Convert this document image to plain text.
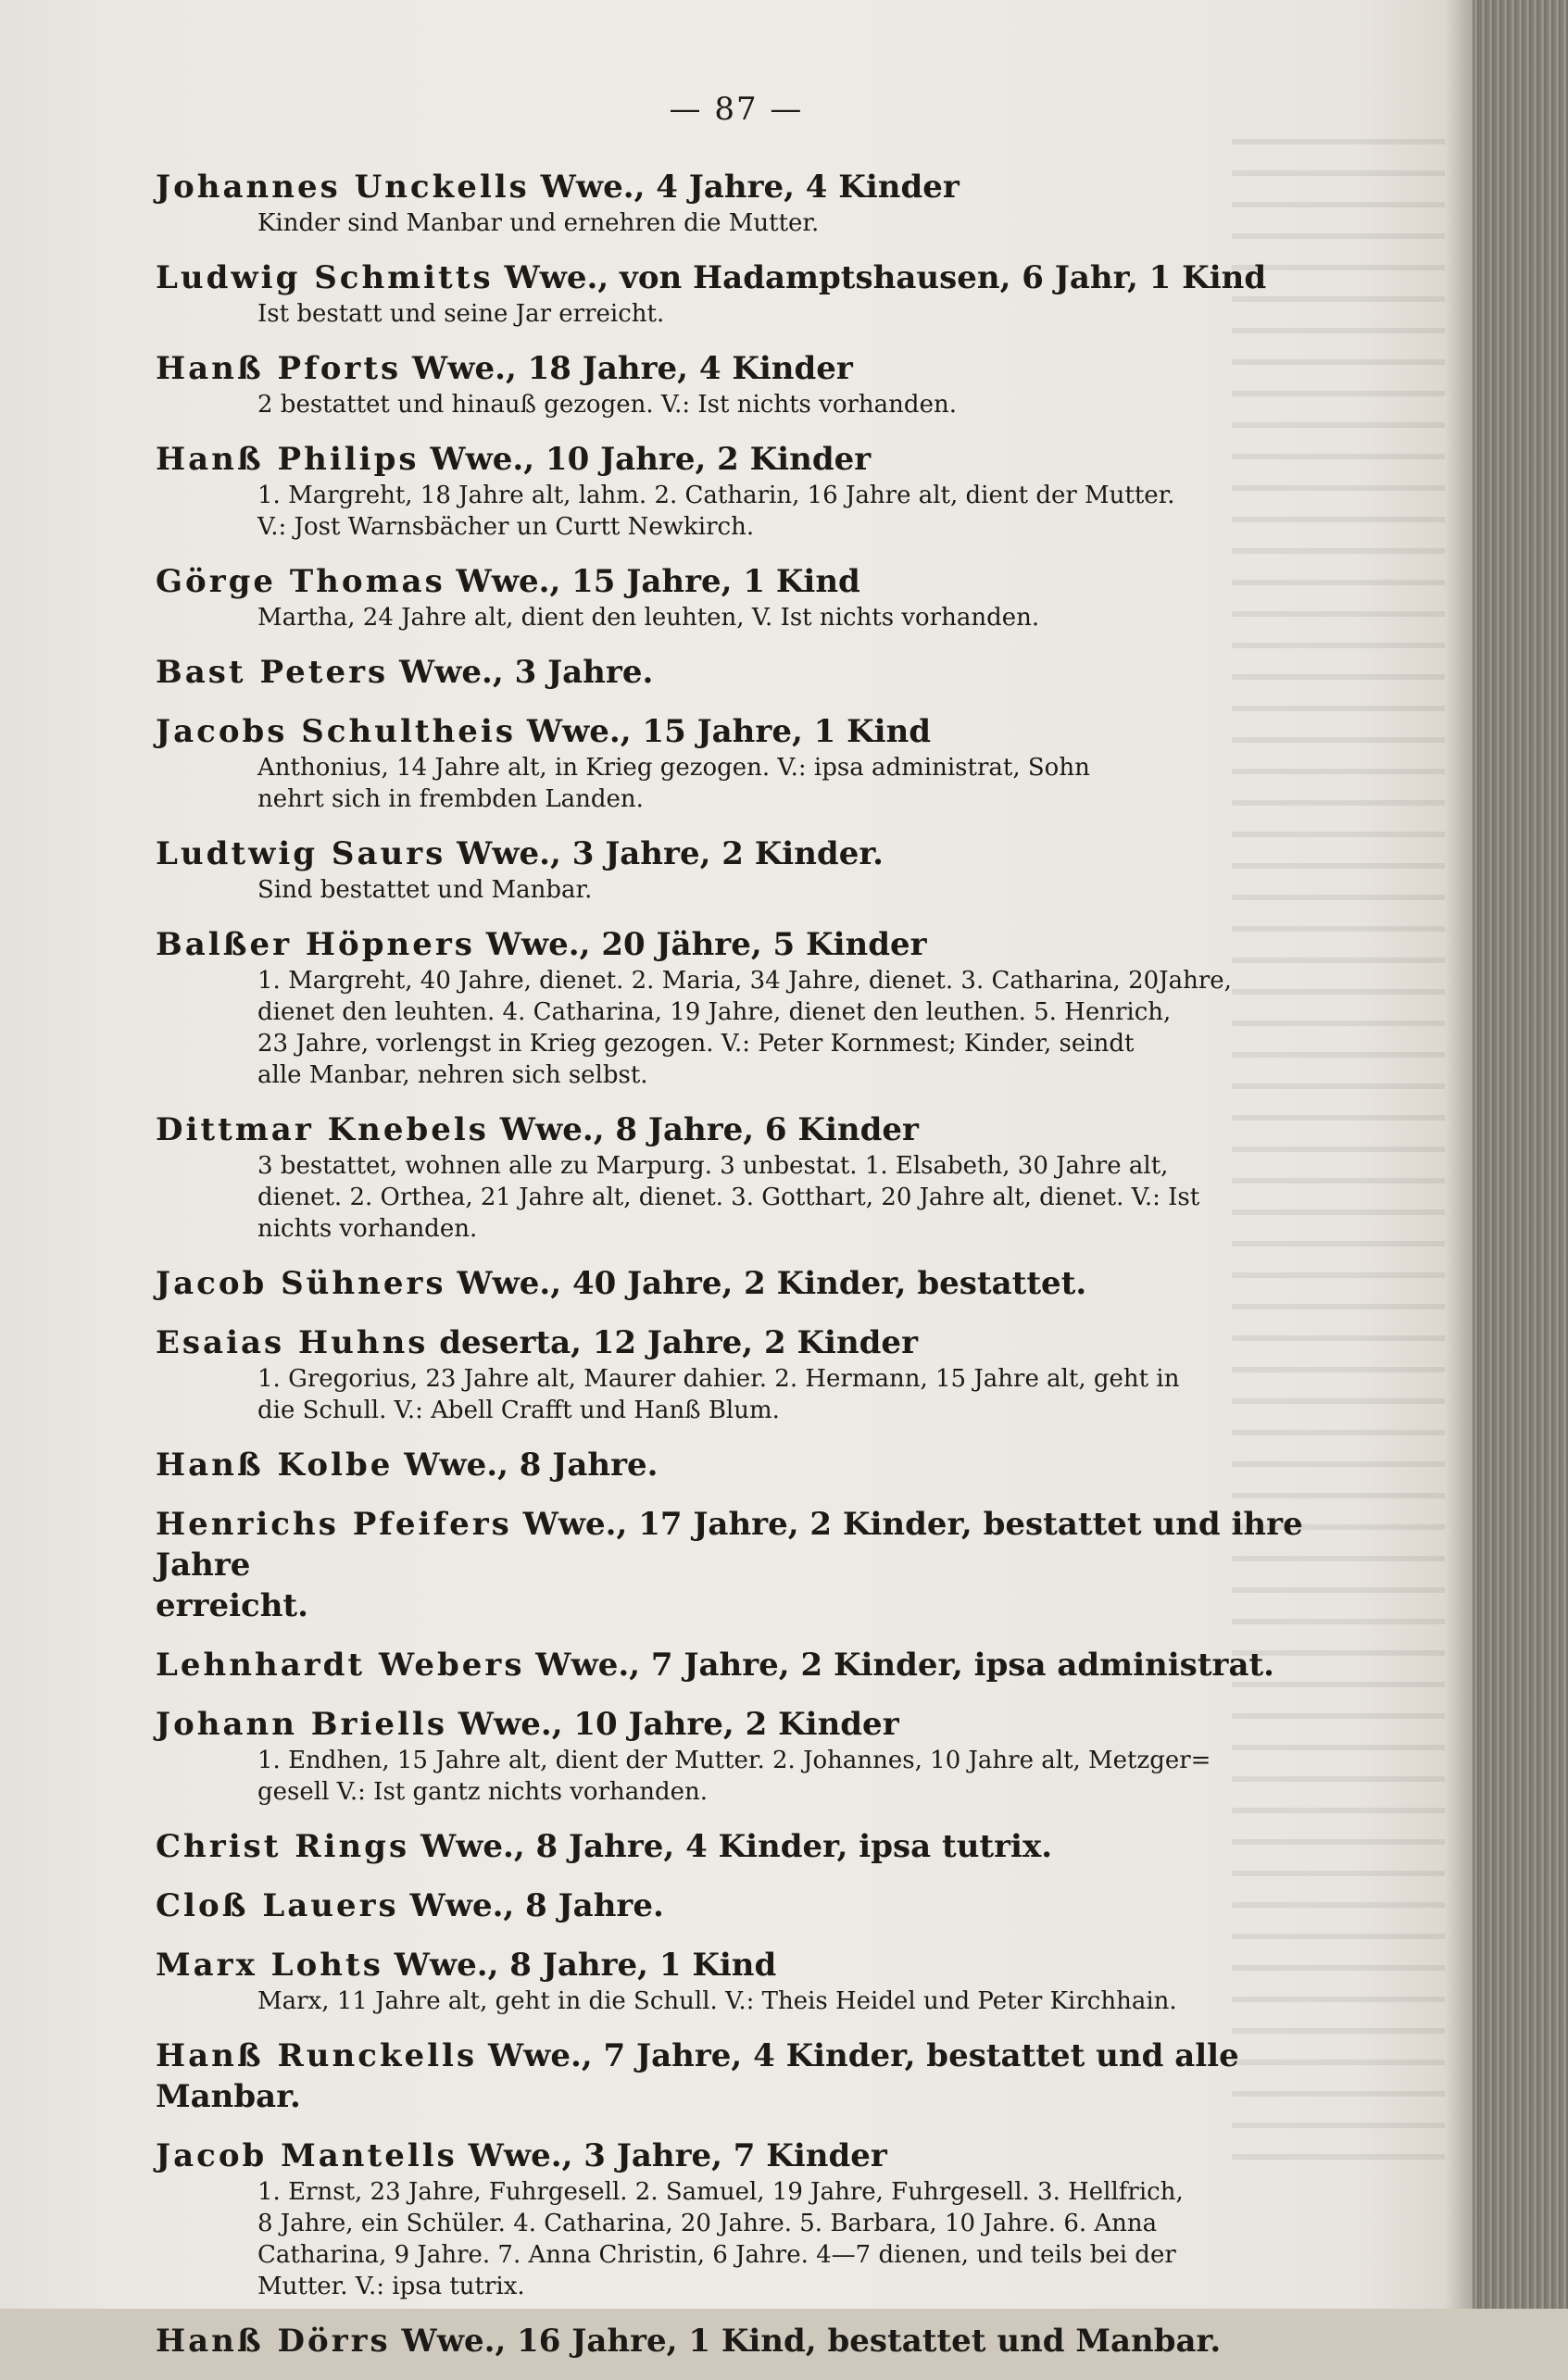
— 87 —
Johannes Unckells Wwe., 4 Jahre, 4 Kinder
Kinder sind Manbar und ernehren die Mutter.
Ludwig Schmitts Wwe., von Hadamptshausen, 6 Jahr, 1 Kind
Ist bestatt und seine Jar erreicht.
Hanß Pforts Wwe., 18 Jahre, 4 Kinder
2 bestattet und hinauß gezogen. V.: Ist nichts vorhanden.
Hanß Philips Wwe., 10 Jahre, 2 Kinder
1. Margreht, 18 Jahre alt, lahm. 2. Catharin, 16 Jahre alt, dient der Mutter.
V.: Jost Warnsbächer un Curtt Newkirch.
Görge Thomas Wwe., 15 Jahre, 1 Kind
Martha, 24 Jahre alt, dient den leuhten, V. Ist nichts vorhanden.
Bast Peters Wwe., 3 Jahre.
Jacobs Schultheis Wwe., 15 Jahre, 1 Kind
Anthonius, 14 Jahre alt, in Krieg gezogen. V.: ipsa administrat, Sohn
nehrt sich in frembden Landen.
Ludtwig Saurs Wwe., 3 Jahre, 2 Kinder.
Sind bestattet und Manbar.
Balßer Höpners Wwe., 20 Jähre, 5 Kinder
1. Margreht, 40 Jahre, dienet. 2. Maria, 34 Jahre, dienet. 3. Catharina, 20Jahre,
dienet den leuhten. 4. Catharina, 19 Jahre, dienet den leuthen. 5. Henrich,
23 Jahre, vorlengst in Krieg gezogen. V.: Peter Kornmest; Kinder, seindt
alle Manbar, nehren sich selbst.
Dittmar Knebels Wwe., 8 Jahre, 6 Kinder
3 bestattet, wohnen alle zu Marpurg. 3 unbestat. 1. Elsabeth, 30 Jahre alt,
dienet. 2. Orthea, 21 Jahre alt, dienet. 3. Gotthart, 20 Jahre alt, dienet. V.: Ist
nichts vorhanden.
Jacob Sühners Wwe., 40 Jahre, 2 Kinder, bestattet.
Esaias Huhns deserta, 12 Jahre, 2 Kinder
1. Gregorius, 23 Jahre alt, Maurer dahier. 2. Hermann, 15 Jahre alt, geht in
die Schull. V.: Abell Crafft und Hanß Blum.
Hanß Kolbe Wwe., 8 Jahre.
Henrichs Pfeifers Wwe., 17 Jahre, 2 Kinder, bestattet und ihre Jahre
erreicht.
Lehnhardt Webers Wwe., 7 Jahre, 2 Kinder, ipsa administrat.
Johann Briells Wwe., 10 Jahre, 2 Kinder
1. Endhen, 15 Jahre alt, dient der Mutter. 2. Johannes, 10 Jahre alt, Metzger=
gesell V.: Ist gantz nichts vorhanden.
Christ Rings Wwe., 8 Jahre, 4 Kinder, ipsa tutrix.
Cloß Lauers Wwe., 8 Jahre.
Marx Lohts Wwe., 8 Jahre, 1 Kind
Marx, 11 Jahre alt, geht in die Schull. V.: Theis Heidel und Peter Kirchhain.
Hanß Runckells Wwe., 7 Jahre, 4 Kinder, bestattet und alle Manbar.
Jacob Mantells Wwe., 3 Jahre, 7 Kinder
1. Ernst, 23 Jahre, Fuhrgesell. 2. Samuel, 19 Jahre, Fuhrgesell. 3. Hellfrich,
8 Jahre, ein Schüler. 4. Catharina, 20 Jahre. 5. Barbara, 10 Jahre. 6. Anna
Catharina, 9 Jahre. 7. Anna Christin, 6 Jahre. 4—7 dienen, und teils bei der
Mutter. V.: ipsa tutrix.
Hanß Dörrs Wwe., 16 Jahre, 1 Kind, bestattet und Manbar.
